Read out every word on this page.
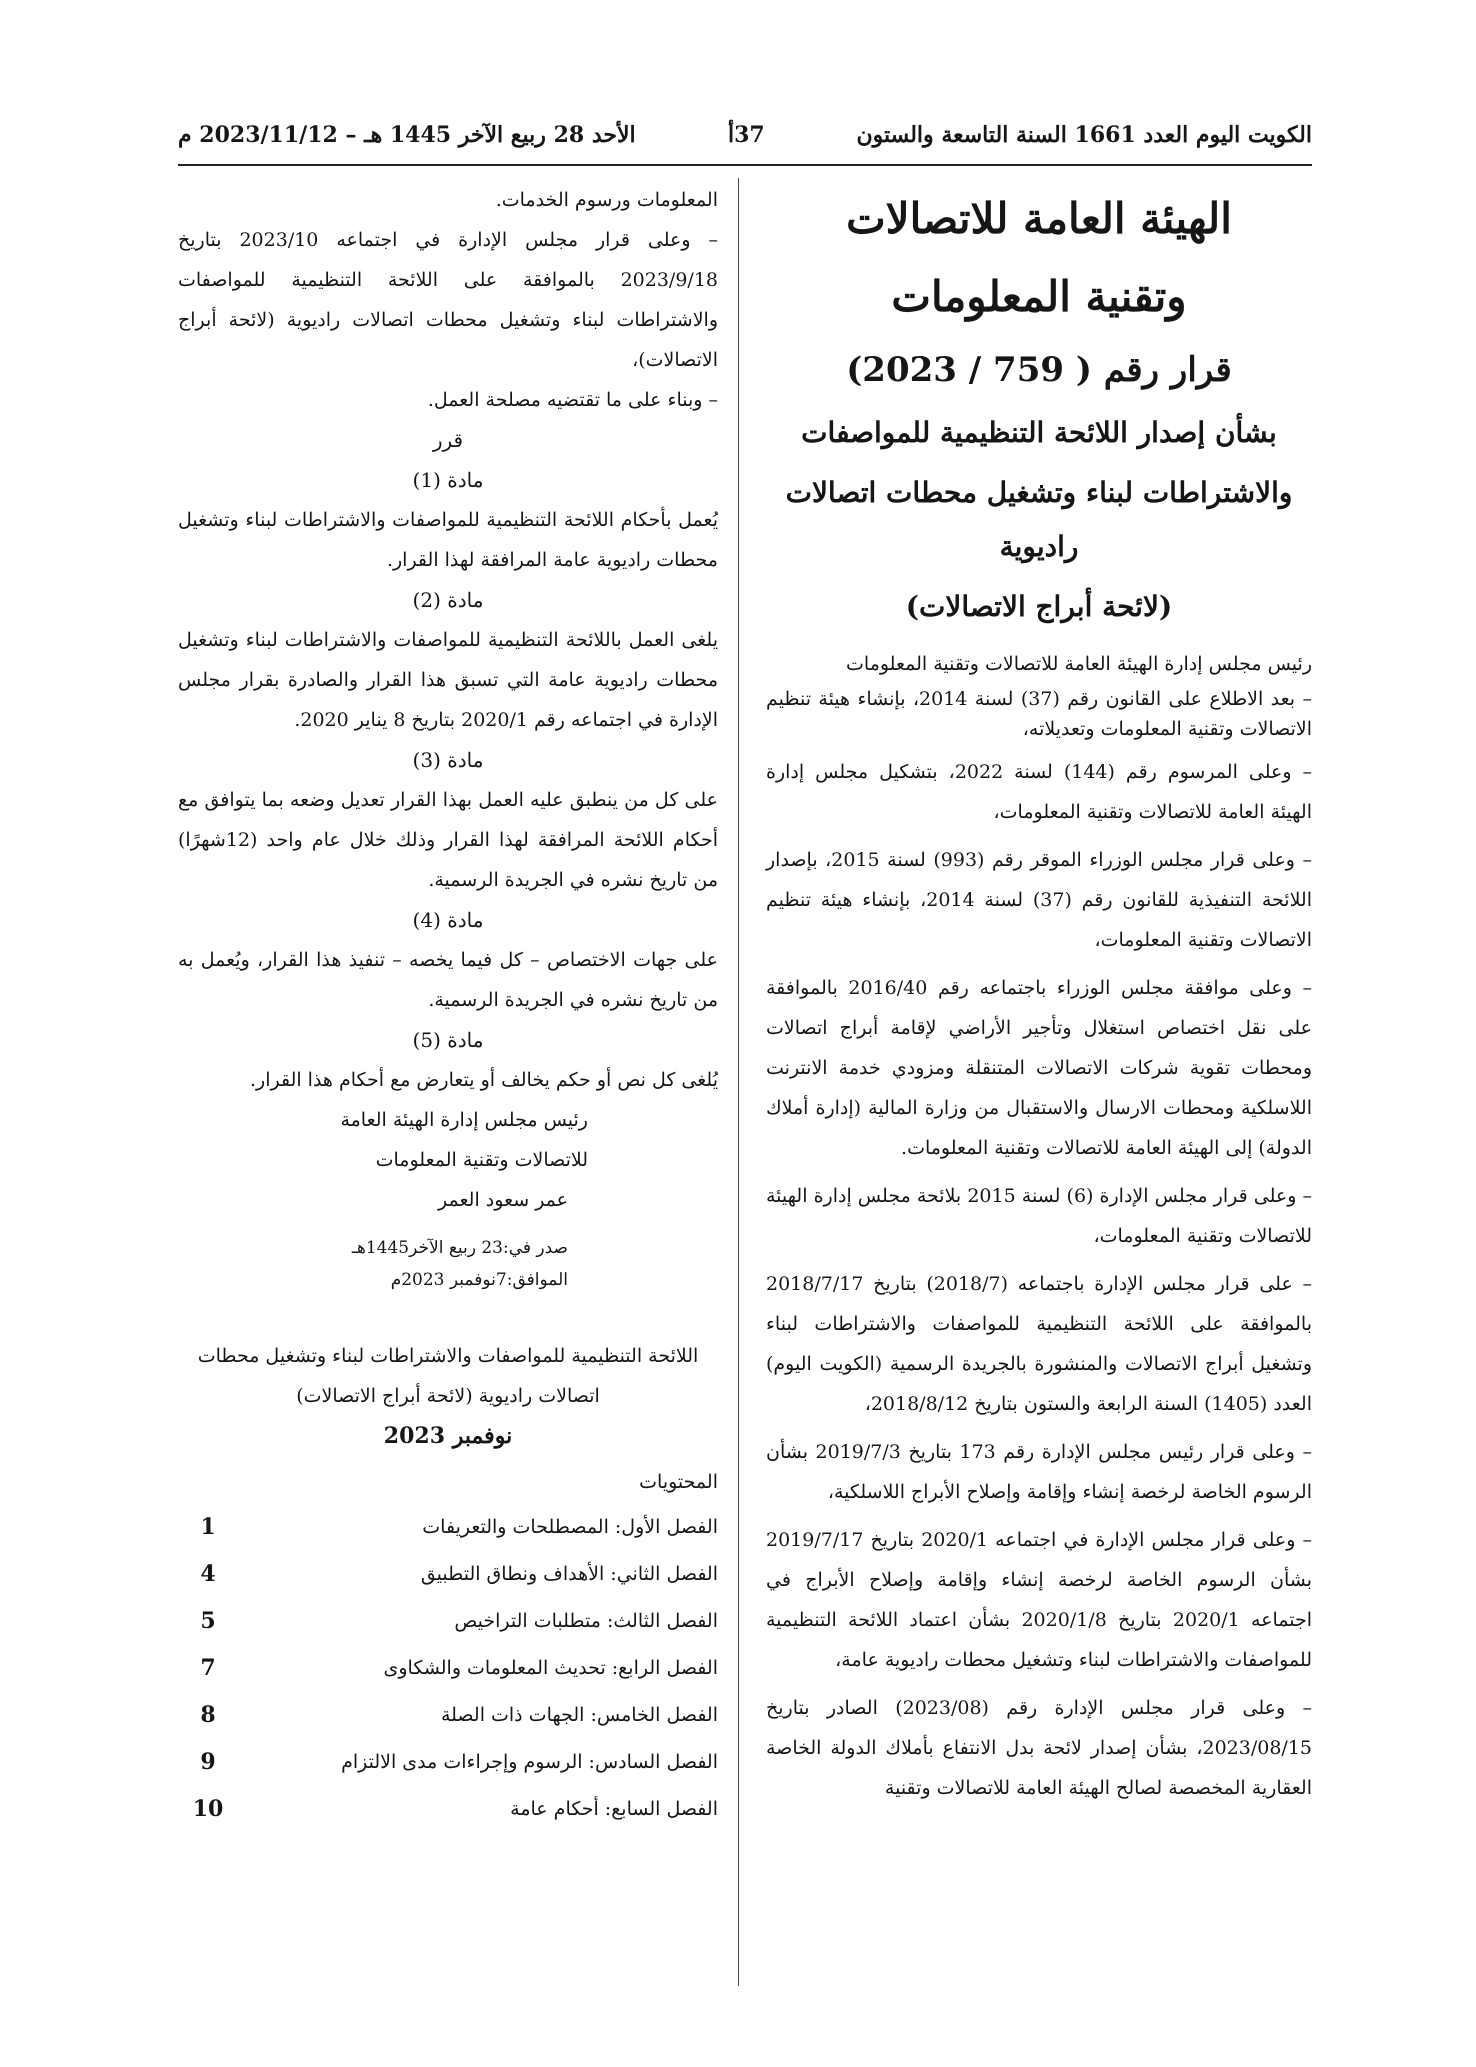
الكويت اليوم العدد 1661 السنة التاسعة والستون
37أ
الأحد 28 ربيع الآخر 1445 هـ – 2023/11/12 م
الهيئة العامة للاتصالات
وتقنية المعلومات
قرار رقم ( 759 / 2023)
بشأن إصدار اللائحة التنظيمية للمواصفات
والاشتراطات لبناء وتشغيل محطات اتصالات راديوية
(لائحة أبراج الاتصالات)

رئيس مجلس إدارة الهيئة العامة للاتصالات وتقنية المعلومات

– بعد الاطلاع على القانون رقم (37) لسنة 2014، بإنشاء هيئة تنظيم الاتصالات وتقنية المعلومات وتعديلاته،

– وعلى المرسوم رقم (144) لسنة 2022، بتشكيل مجلس إدارة الهيئة العامة للاتصالات وتقنية المعلومات،

– وعلى قرار مجلس الوزراء الموقر رقم (993) لسنة 2015، بإصدار اللائحة التنفيذية للقانون رقم (37) لسنة 2014، بإنشاء هيئة تنظيم الاتصالات وتقنية المعلومات،

– وعلى موافقة مجلس الوزراء باجتماعه رقم 2016/40 بالموافقة على نقل اختصاص استغلال وتأجير الأراضي لإقامة أبراج اتصالات ومحطات تقوية شركات الاتصالات المتنقلة ومزودي خدمة الانترنت اللاسلكية ومحطات الارسال والاستقبال من وزارة المالية (إدارة أملاك الدولة) إلى الهيئة العامة للاتصالات وتقنية المعلومات.

– وعلى قرار مجلس الإدارة (6) لسنة 2015 بلائحة مجلس إدارة الهيئة للاتصالات وتقنية المعلومات،

– على قرار مجلس الإدارة باجتماعه (2018/7) بتاريخ 2018/7/17 بالموافقة على اللائحة التنظيمية للمواصفات والاشتراطات لبناء وتشغيل أبراج الاتصالات والمنشورة بالجريدة الرسمية (الكويت اليوم) العدد (1405) السنة الرابعة والستون بتاريخ 2018/8/12،

– وعلى قرار رئيس مجلس الإدارة رقم 173 بتاريخ 2019/7/3 بشأن الرسوم الخاصة لرخصة إنشاء وإقامة وإصلاح الأبراج اللاسلكية،

– وعلى قرار مجلس الإدارة في اجتماعه 2020/1 بتاريخ 2019/7/17 بشأن الرسوم الخاصة لرخصة إنشاء وإقامة وإصلاح الأبراج في اجتماعه 2020/1 بتاريخ 2020/1/8 بشأن اعتماد اللائحة التنظيمية للمواصفات والاشتراطات لبناء وتشغيل محطات راديوية عامة،

– وعلى قرار مجلس الإدارة رقم (2023/08) الصادر بتاريخ 2023/08/15، بشأن إصدار لائحة بدل الانتفاع بأملاك الدولة الخاصة العقارية المخصصة لصالح الهيئة العامة للاتصالات وتقنية

المعلومات ورسوم الخدمات.

– وعلى قرار مجلس الإدارة في اجتماعه 2023/10 بتاريخ 2023/9/18 بالموافقة على اللائحة التنظيمية للمواصفات والاشتراطات لبناء وتشغيل محطات اتصالات راديوية (لائحة أبراج الاتصالات)،

– وبناء على ما تقتضيه مصلحة العمل.

قرر
مادة (1)

يُعمل بأحكام اللائحة التنظيمية للمواصفات والاشتراطات لبناء وتشغيل محطات راديوية عامة المرافقة لهذا القرار.

مادة (2)

يلغى العمل باللائحة التنظيمية للمواصفات والاشتراطات لبناء وتشغيل محطات راديوية عامة التي تسبق هذا القرار والصادرة بقرار مجلس الإدارة في اجتماعه رقم 2020/1 بتاريخ 8 يناير 2020.

مادة (3)

على كل من ينطبق عليه العمل بهذا القرار تعديل وضعه بما يتوافق مع أحكام اللائحة المرافقة لهذا القرار وذلك خلال عام واحد (12شهرًا) من تاريخ نشره في الجريدة الرسمية.

مادة (4)

على جهات الاختصاص – كل فيما يخصه – تنفيذ هذا القرار، ويُعمل به من تاريخ نشره في الجريدة الرسمية.

مادة (5)

يُلغى كل نص أو حكم يخالف أو يتعارض مع أحكام هذا القرار.

رئيس مجلس إدارة الهيئة العامة
للاتصالات وتقنية المعلومات
عمر سعود العمر
صدر في:23 ربيع الآخر1445هـ
الموافق:7نوفمبر 2023م
اللائحة التنظيمية للمواصفات والاشتراطات لبناء وتشغيل محطات اتصالات راديوية (لائحة أبراج الاتصالات)
نوفمبر 2023
المحتويات
الفصل الأول: المصطلحات والتعريفات
1
الفصل الثاني: الأهداف ونطاق التطبيق
4
الفصل الثالث: متطلبات التراخيص
5
الفصل الرابع: تحديث المعلومات والشكاوى
7
الفصل الخامس: الجهات ذات الصلة
8
الفصل السادس: الرسوم وإجراءات مدى الالتزام
9
الفصل السابع: أحكام عامة
10
